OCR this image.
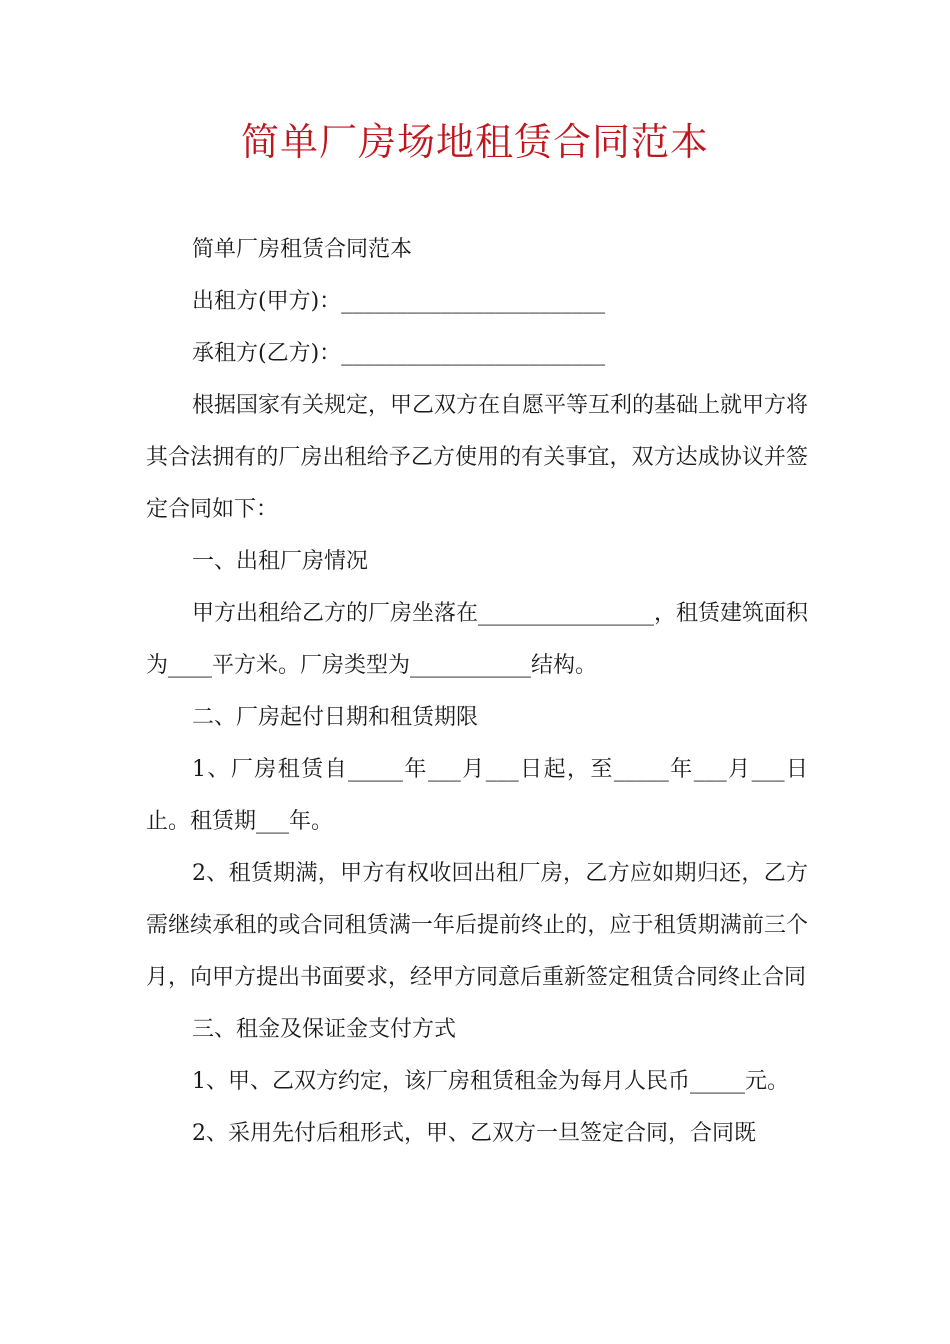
简单厂房场地租赁合同范本

简单厂房租赁合同范本

出租方(甲方)：________________________

承租方(乙方)：________________________

根据国家有关规定，甲乙双方在自愿平等互利的基础上就甲方将其合法拥有的厂房出租给予乙方使用的有关事宜，双方达成协议并签定合同如下：

一、出租厂房情况

甲方出租给乙方的厂房坐落在________________，租赁建筑面积为____平方米。厂房类型为___________结构。

二、厂房起付日期和租赁期限

1、厂房租赁自_____年___月___日起，至_____年___月___日止。租赁期___年。

2、租赁期满，甲方有权收回出租厂房，乙方应如期归还，乙方需继续承租的或合同租赁满一年后提前终止的，应于租赁期满前三个月，向甲方提出书面要求，经甲方同意后重新签定租赁合同终止合同

三、租金及保证金支付方式

1、甲、乙双方约定，该厂房租赁租金为每月人民币_____元。

2、采用先付后租形式，甲、乙双方一旦签定合同，合同既
